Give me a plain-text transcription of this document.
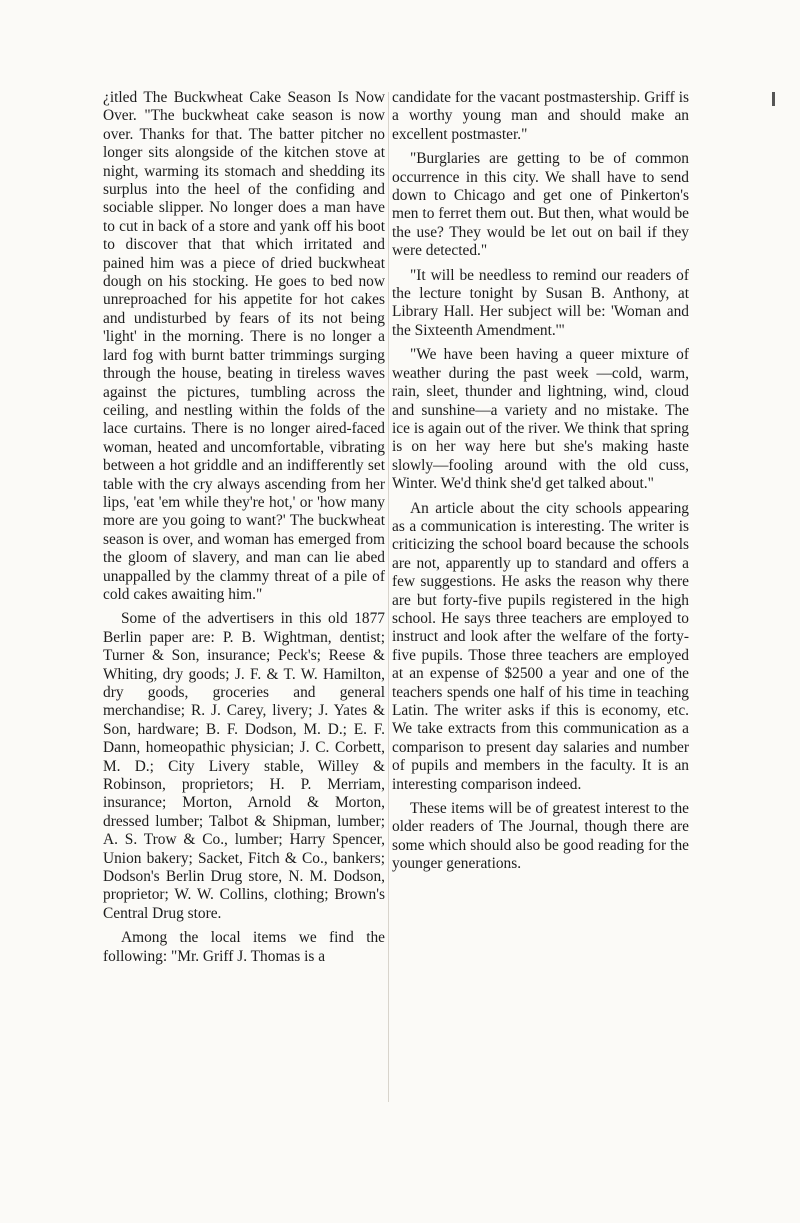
¿itled The Buckwheat Cake Season Is Now Over. "The buckwheat cake season is now over. Thanks for that. The batter pitcher no longer sits alongside of the kitchen stove at night, warming its stomach and shedding its surplus into the heel of the confiding and sociable slipper. No longer does a man have to cut in back of a store and yank off his boot to discover that that which irritated and pained him was a piece of dried buckwheat dough on his stocking. He goes to bed now unreproached for his appetite for hot cakes and undisturbed by fears of its not being 'light' in the morning. There is no longer a lard fog with burnt batter trimmings surging through the house, beating in tireless waves against the pictures, tumbling across the ceiling, and nestling within the folds of the lace curtains. There is no longer aired-faced woman, heated and uncomfortable, vibrating between a hot griddle and an indifferently set table with the cry always ascending from her lips, 'eat 'em while they're hot,' or 'how many more are you going to want?' The buckwheat season is over, and woman has emerged from the gloom of slavery, and man can lie abed unappalled by the clammy threat of a pile of cold cakes awaiting him."

Some of the advertisers in this old 1877 Berlin paper are: P. B. Wightman, dentist; Turner & Son, insurance; Peck's; Reese & Whiting, dry goods; J. F. & T. W. Hamilton, dry goods, groceries and general merchandise; R. J. Carey, livery; J. Yates & Son, hardware; B. F. Dodson, M. D.; E. F. Dann, homeopathic physician; J. C. Corbett, M. D.; City Livery stable, Willey & Robinson, proprietors; H. P. Merriam, insurance; Morton, Arnold & Morton, dressed lumber; Talbot & Shipman, lumber; A. S. Trow & Co., lumber; Harry Spencer, Union bakery; Sacket, Fitch & Co., bankers; Dodson's Berlin Drug store, N. M. Dodson, proprietor; W. W. Collins, clothing; Brown's Central Drug store.

Among the local items we find the following: "Mr. Griff J. Thomas is a

candidate for the vacant postmastership. Griff is a worthy young man and should make an excellent postmaster."

"Burglaries are getting to be of common occurrence in this city. We shall have to send down to Chicago and get one of Pinkerton's men to ferret them out. But then, what would be the use? They would be let out on bail if they were detected."

"It will be needless to remind our readers of the lecture tonight by Susan B. Anthony, at Library Hall. Her subject will be: 'Woman and the Sixteenth Amendment.'"

"We have been having a queer mixture of weather during the past week —cold, warm, rain, sleet, thunder and lightning, wind, cloud and sunshine—a variety and no mistake. The ice is again out of the river. We think that spring is on her way here but she's making haste slowly—fooling around with the old cuss, Winter. We'd think she'd get talked about."

An article about the city schools appearing as a communication is interesting. The writer is criticizing the school board because the schools are not, apparently up to standard and offers a few suggestions. He asks the reason why there are but forty-five pupils registered in the high school. He says three teachers are employed to instruct and look after the welfare of the forty-five pupils. Those three teachers are employed at an expense of $2500 a year and one of the teachers spends one half of his time in teaching Latin. The writer asks if this is economy, etc. We take extracts from this communication as a comparison to present day salaries and number of pupils and members in the faculty. It is an interesting comparison indeed.

These items will be of greatest interest to the older readers of The Journal, though there are some which should also be good reading for the younger generations.
